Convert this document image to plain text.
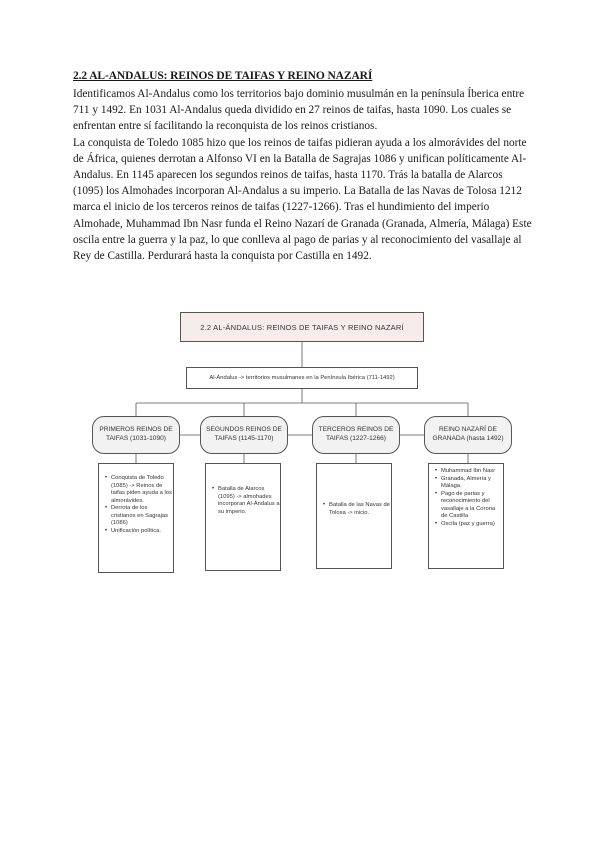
2.2 AL-ANDALUS: REINOS DE TAIFAS Y REINO NAZARÍ

Identificamos Al-Andalus como los territorios bajo dominio musulmán en la península Íberica entre 711 y 1492. En 1031 Al-Andalus queda dividido en 27 reinos de taifas, hasta 1090. Los cuales se enfrentan entre sí facilitando la reconquista de los reinos cristianos.

La conquista de Toledo 1085 hizo que los reinos de taifas pidieran ayuda a los almorávides del norte de África, quienes derrotan a Alfonso VI en la Batalla de Sagrajas 1086 y unifican políticamente Al-Andalus. En 1145 aparecen los segundos reinos de taifas, hasta 1170. Trás la batalla de Alarcos (1095) los Almohades incorporan Al-Andalus a su imperio. La Batalla de las Navas de Tolosa 1212 marca el inicio de los terceros reinos de taifas (1227-1266). Tras el hundimiento del imperio Almohade, Muhammad Ibn Nasr funda el Reino Nazarí de Granada (Granada, Almería, Málaga) Este oscila entre la guerra y la paz, lo que conlleva al pago de parias y al reconocimiento del vasallaje al Rey de Castilla. Perdurará hasta la conquista por Castilla en 1492.

2.2 AL-ÁNDALUS: REINOS DE TAIFAS Y REINO NAZARÍ
Al-Ándalus -> territorios musulmanes en la Península Ibérica (711-1492)
PRIMEROS REINOS DE TAIFAS (1031-1090)
SEGUNDOS REINOS DE TAIFAS (1145-1170)
TERCEROS REINOS DE TAIFAS (1227-1266)
REINO NAZARÍ DE GRANADA (hasta 1492)
• Conquista de Toledo (1085) -> Reinos de taifas piden ayuda a los almorávides.
• Derrota de los cristianos en Sagrajas (1086)
• Unificación política.
• Batalla de Alarcos (1095) -> almohades incorporan Al-Ándalus a su imperio.
• Batalla de las Navas de Tolosa -> inicio.
• Muhammad Ibn Nasr
• Granada, Almería y Málaga.
• Pago de parias y reconocimiento del vasallaje a la Corona de Castilla
• Oscila (paz y guerra)
